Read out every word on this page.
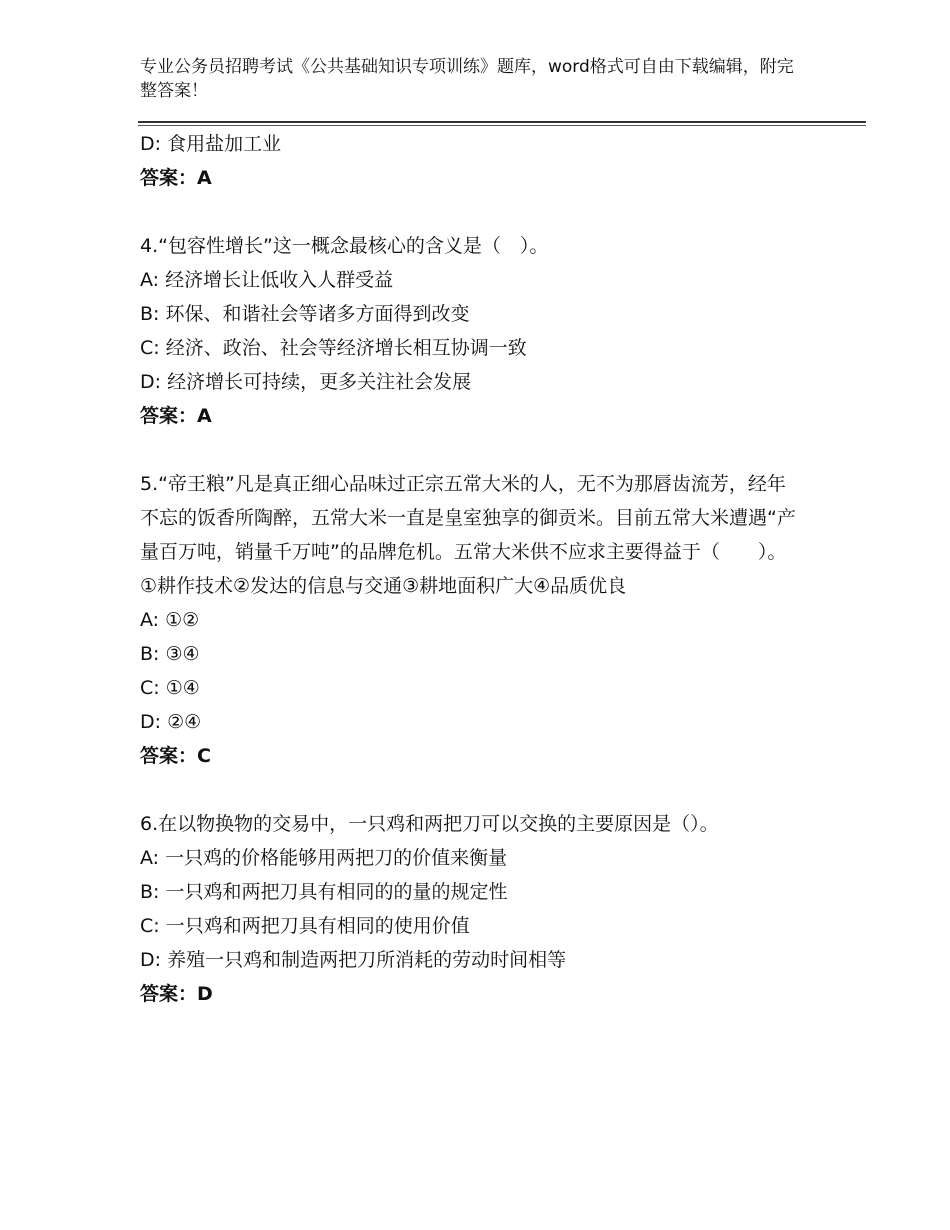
专业公务员招聘考试《公共基础知识专项训练》题库，word格式可自由下载编辑，附完整答案！
D: 食用盐加工业
答案：A
4.“包容性增长”这一概念最核心的含义是（　）。
A: 经济增长让低收入人群受益
B: 环保、和谐社会等诸多方面得到改变
C: 经济、政治、社会等经济增长相互协调一致
D: 经济增长可持续，更多关注社会发展
答案：A
5.“帝王粮”凡是真正细心品味过正宗五常大米的人，无不为那唇齿流芳，经年不忘的饭香所陶醉，五常大米一直是皇室独享的御贡米。目前五常大米遭遇“产量百万吨，销量千万吨”的品牌危机。五常大米供不应求主要得益于（　　）。①耕作技术②发达的信息与交通③耕地面积广大④品质优良
A: ①②
B: ③④
C: ①④
D: ②④
答案：C
6.在以物换物的交易中，一只鸡和两把刀可以交换的主要原因是（）。
A: 一只鸡的价格能够用两把刀的价值来衡量
B: 一只鸡和两把刀具有相同的的量的规定性
C: 一只鸡和两把刀具有相同的使用价值
D: 养殖一只鸡和制造两把刀所消耗的劳动时间相等
答案：D
